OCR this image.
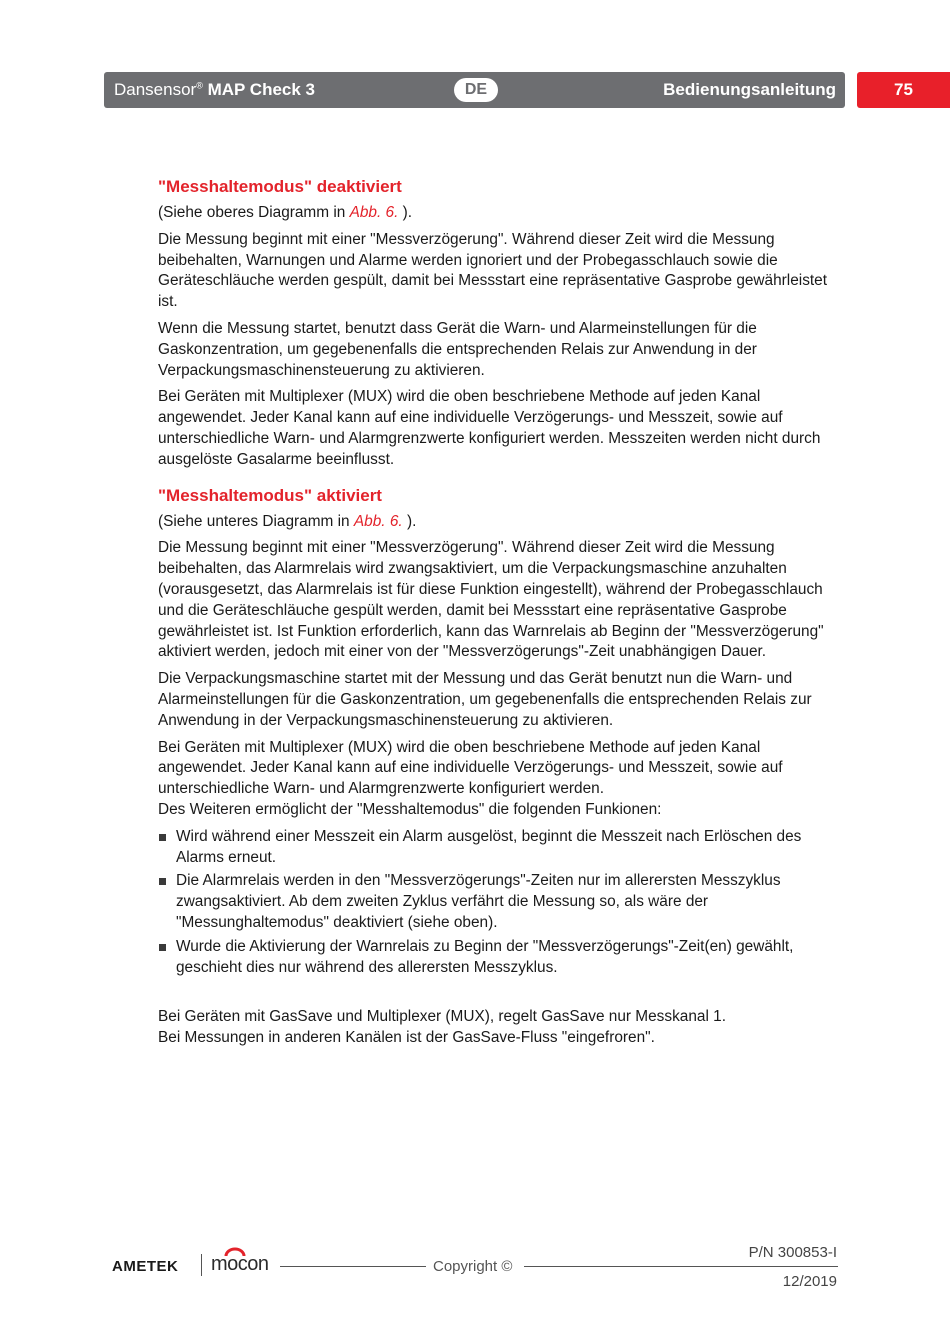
Dansensor® MAP Check 3	DE	Bedienungsanleitung	75
"Messhaltemodus" deaktiviert

(Siehe oberes Diagramm in Abb. 6. ).

Die Messung beginnt mit einer "Messverzögerung". Während dieser Zeit wird die Messung beibehalten, Warnungen und Alarme werden ignoriert und der Probegasschlauch sowie die Geräteschläuche werden gespült, damit bei Messstart eine repräsentative Gasprobe gewährleistet ist.

Wenn die Messung startet, benutzt dass Gerät die Warn- und Alarmeinstellungen für die Gaskonzentration, um gegebenenfalls die entsprechenden Relais zur Anwendung in der Verpackungsmaschinensteuerung zu aktivieren.

Bei Geräten mit Multiplexer (MUX) wird die oben beschriebene Methode auf jeden Kanal angewendet. Jeder Kanal kann auf eine individuelle Verzögerungs- und Messzeit, sowie auf unterschiedliche Warn- und Alarmgrenzwerte konfiguriert werden. Messzeiten werden nicht durch ausgelöste Gasalarme beeinflusst.

"Messhaltemodus" aktiviert

(Siehe unteres Diagramm in Abb. 6. ).

Die Messung beginnt mit einer "Messverzögerung". Während dieser Zeit wird die Messung beibehalten, das Alarmrelais wird zwangsaktiviert, um die Verpackungsmaschine anzuhalten (vorausgesetzt, das Alarmrelais ist für diese Funktion eingestellt), während der Probegasschlauch und die Geräteschläuche gespült werden, damit bei Messstart eine repräsentative Gasprobe gewährleistet ist. Ist Funktion erforderlich, kann das Warnrelais ab Beginn der "Messverzögerung" aktiviert werden, jedoch mit einer von der "Messverzögerungs"-Zeit unabhängigen Dauer.

Die Verpackungsmaschine startet mit der Messung und das Gerät benutzt nun die Warn- und Alarmeinstellungen für die Gaskonzentration, um gegebenenfalls die entsprechenden Relais zur Anwendung in der Verpackungsmaschinensteuerung zu aktivieren.

Bei Geräten mit Multiplexer (MUX) wird die oben beschriebene Methode auf jeden Kanal angewendet. Jeder Kanal kann auf eine individuelle Verzögerungs- und Messzeit, sowie auf unterschiedliche Warn- und Alarmgrenzwerte konfiguriert werden.

Des Weiteren ermöglicht der "Messhaltemodus" die folgenden Funkionen:

Wird während einer Messzeit ein Alarm ausgelöst, beginnt die Messzeit nach Erlöschen des Alarms erneut.
Die Alarmrelais werden in den "Messverzögerungs"-Zeiten nur im allerersten Messzyklus zwangsaktiviert. Ab dem zweiten Zyklus verfährt die Messung so, als wäre der "Messunghaltemodus" deaktiviert (siehe oben).
Wurde die Aktivierung der Warnrelais zu Beginn der "Messverzögerungs"-Zeit(en) gewählt, geschieht dies nur während des allerersten Messzyklus.

Bei Geräten mit GasSave und Multiplexer (MUX), regelt GasSave nur Messkanal 1.

Bei Messungen in anderen Kanälen ist der GasSave-Fluss "eingefroren".

AMETEK mocon	Copyright ©
P/N 300853-I
12/2019
